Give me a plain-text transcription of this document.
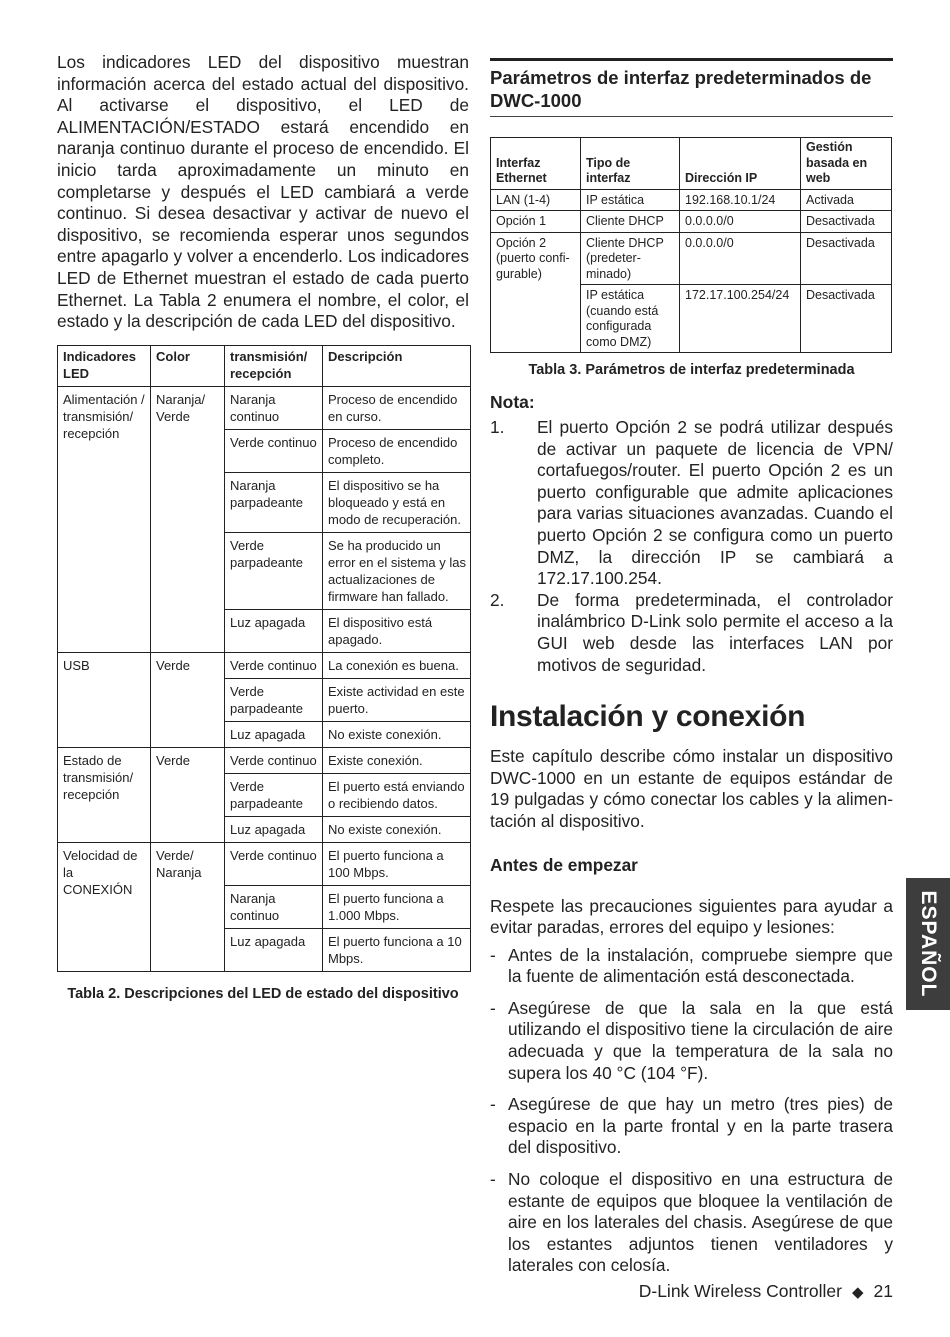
Los indicadores LED del dispositivo muestran información acerca del estado actual del dispositivo. Al activarse el dispositivo, el LED de ALIMENTACIÓN/ESTADO estará encendido en naranja continuo durante el proceso de encendido. El inicio tarda aproximadamente un minuto en completarse y después el LED cambiará a verde continuo. Si desea desactivar y activar de nuevo el dispositivo, se recomienda esperar unos segundos entre apagarlo y volver a encenderlo. Los indicadores LED de Ethernet muestran el estado de cada puerto Ethernet. La Tabla 2 enumera el nombre, el color, el estado y la descripción de cada LED del dispositivo.

Indicadores LED	Color	transmisión/ recepción	Descripción
Alimentación / transmisión/ recepción	Naranja/ Verde	Naranja continuo	Proceso de encendido en curso.
		Verde continuo	Proceso de encendido completo.
		Naranja parpadeante	El dispositivo se ha bloqueado y está en modo de recuperación.
		Verde parpadeante	Se ha producido un error en el sistema y las actualizaciones de firmware han fallado.
		Luz apagada	El dispositivo está apagado.
USB	Verde	Verde continuo	La conexión es buena.
		Verde parpadeante	Existe actividad en este puerto.
		Luz apagada	No existe conexión.
Estado de transmisión/ recepción	Verde	Verde continuo	Existe conexión.
		Verde parpadeante	El puerto está enviando o recibiendo datos.
		Luz apagada	No existe conexión.
Velocidad de la CONEXIÓN	Verde/ Naranja	Verde continuo	El puerto funciona a 100 Mbps.
		Naranja continuo	El puerto funciona a 1.000 Mbps.
		Luz apagada	El puerto funciona a 10 Mbps.
Tabla 2. Descripciones del LED de estado del dispositivo
Parámetros de interfaz predeterminados de DWC-1000
Interfaz Ethernet	Tipo de interfaz	Dirección IP	Gestión basada en web
LAN (1-4)	IP estática	192.168.10.1/24	Activada
Opción 1	Cliente DHCP	0.0.0.0/0	Desactivada
Opción 2 (puerto confi-gurable)	Cliente DHCP (predeter-minado)	0.0.0.0/0	Desactivada
	IP estática (cuando está configurada como DMZ)	172.17.100.254/24	Desactivada
Tabla 3. Parámetros de interfaz predeterminada
Nota:
1.	El puerto Opción 2 se podrá utilizar después de activar un paquete de licencia de VPN/ cortafuegos/router. El puerto Opción 2 es un puerto configurable que admite aplicaciones para varias situaciones avanzadas. Cuando el puerto Opción 2 se configura como un puerto DMZ, la dirección IP se cambiará a 172.17.100.254.
2.	De forma predeterminada, el controlador inalámbrico D-Link solo permite el acceso a la GUI web desde las interfaces LAN por motivos de seguridad.
Instalación y conexión

Este capítulo describe cómo instalar un dispositivo DWC-1000 en un estante de equipos estándar de 19 pulgadas y cómo conectar los cables y la alimen-tación al dispositivo.

Antes de empezar

Respete las precauciones siguientes para ayudar a evitar paradas, errores del equipo y lesiones:

- Antes de la instalación, compruebe siempre que la fuente de alimentación está desconectada.
- Asegúrese de que la sala en la que está utilizando el dispositivo tiene la circulación de aire adecuada y que la temperatura de la sala no supera los 40 °C (104 °F).
- Asegúrese de que hay un metro (tres pies) de espacio en la parte frontal y en la parte trasera del dispositivo.
- No coloque el dispositivo en una estructura de estante de equipos que bloquee la ventilación de aire en los laterales del chasis. Asegúrese de que los estantes adjuntos tienen ventiladores y laterales con celosía.
ESPAÑOL
D-Link Wireless Controller ◆ 21
